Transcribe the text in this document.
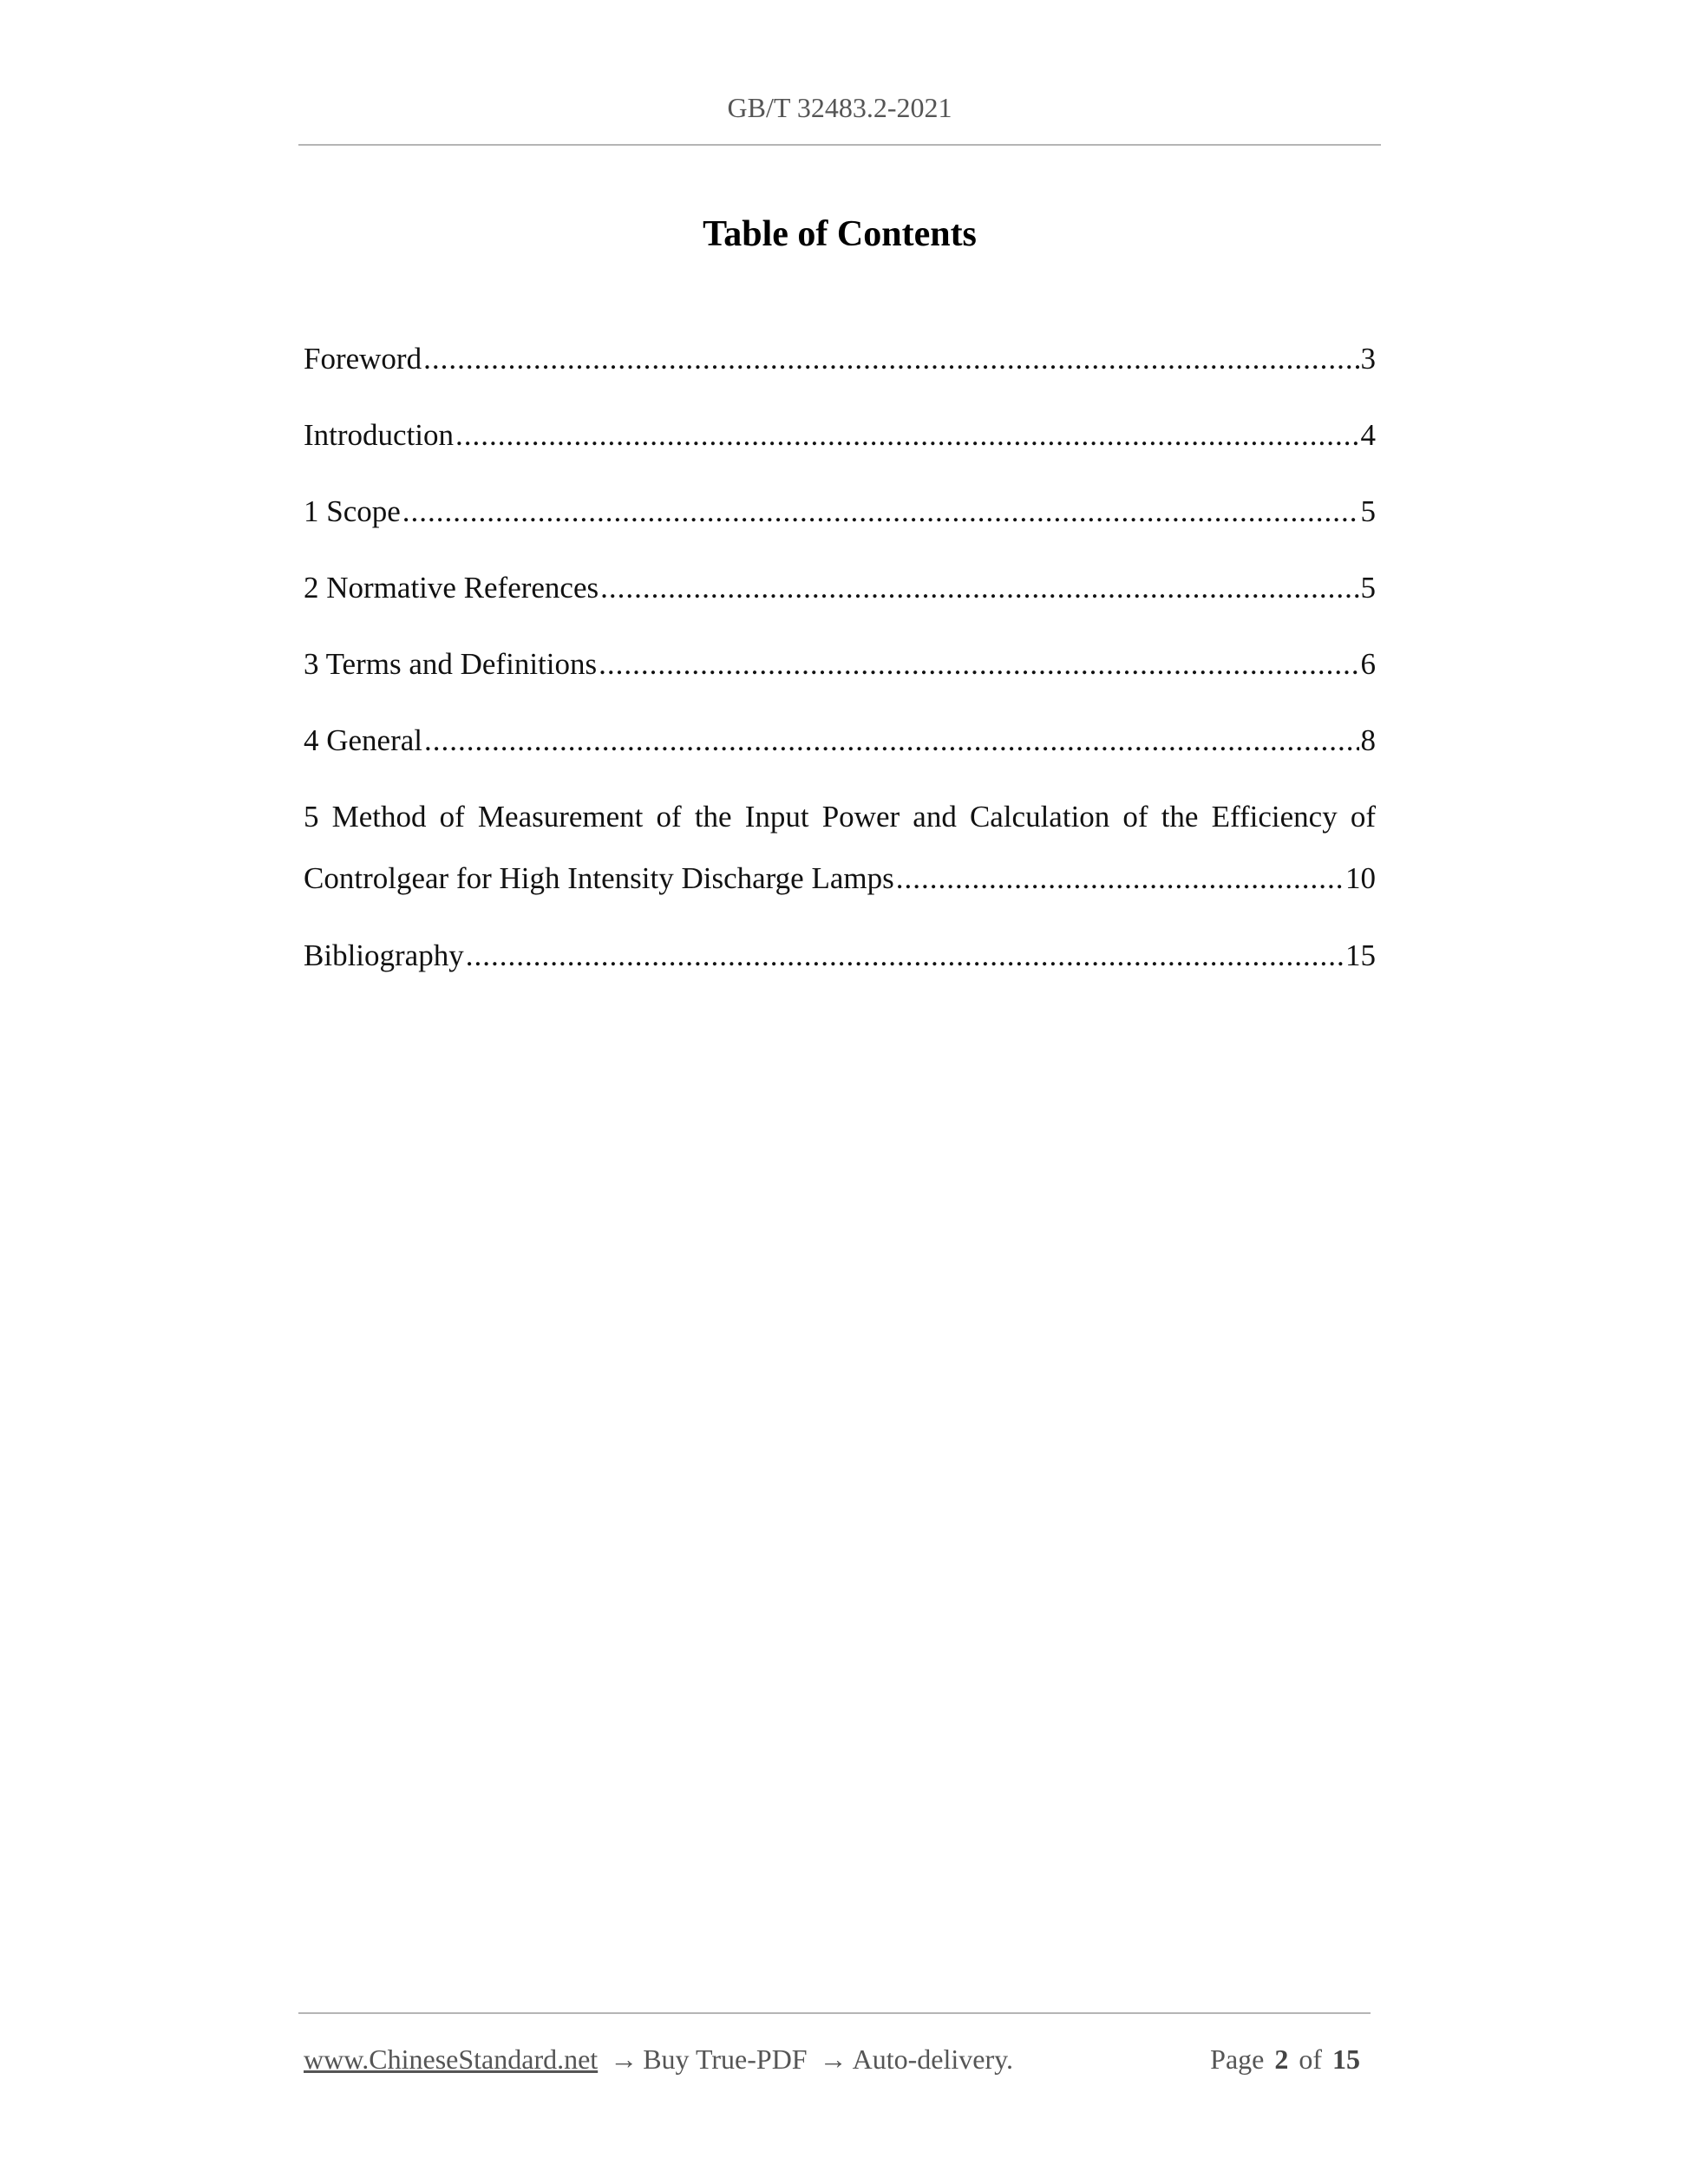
GB/T 32483.2-2021
Table of Contents
Foreword .....	3
Introduction .....	4
1 Scope .....	5
2 Normative References .....	5
3 Terms and Definitions .....	6
4 General .....	8
5 Method of Measurement of the Input Power and Calculation of the Efficiency of
Controlgear for High Intensity Discharge Lamps .....	10
Bibliography .....	15
www.ChineseStandard.net → Buy True-PDF → Auto-delivery.	Page 2 of 15
